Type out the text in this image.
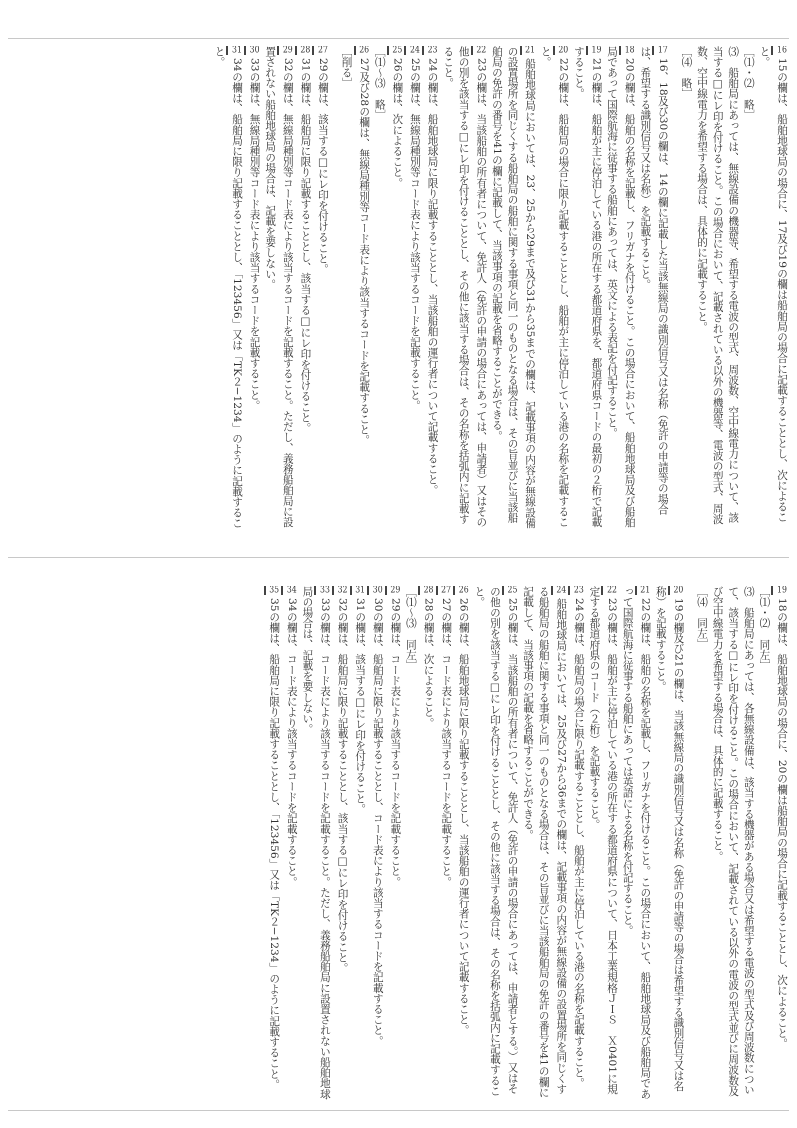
1615の欄は、船舶地球局の場合に、17及び19の欄は船舶局の場合に記載することとし、次によること。

［⑴・⑵　略］

⑶　船舶局にあっては、無線設備の機器等、希望する電波の型式、周波数、空中線電力について、該当する□にレ印を付けること。この場合において、記載されている以外の機器等、電波の型式、周波数、空中線電力を希望する場合は、具体的に記載すること。

［⑷　略］

1716、18及び30の欄は、14の欄に記載した当該無線局の識別信号又は名称（免許の申請等の場合は、希望する識別信号又は名称）を記載すること。

1820の欄は、船舶の名称を記載し、フリガナを付けること。この場合において、船舶地球局及び船舶局であって国際航海に従事する船舶にあっては、英文による表記を付記すること。

1921の欄は、船舶が主に停泊している港の所在する都道府県を、都道府県コードの最初の２桁で記載すること。

2022の欄は、船舶局の場合に限り記載することとし、船舶が主に停泊している港の名称を記載すること。

21船舶地球局においては、23、25から29まで及び31から35までの欄は、記載事項の内容が無線設備の設置場所を同じくする船舶局の船舶に関する事項と同一のものとなる場合は、その旨並びに当該船舶局の免許の番号を41の欄に記載して、当該事項の記載を省略することができる。

2223の欄は、当該船舶の所有者について、免許人（免許の申請の場合にあっては、申請者）又はその他の別を該当する□にレ印を付けることとし、その他に該当する場合は、その名称を括弧内に記載すること。

2324の欄は、船舶地球局に限り記載することとし、当該船舶の運行者について記載すること。

2425の欄は、無線局種別等コード表により該当するコードを記載すること。

2526の欄は、次によること。

［⑴〜⑶　略］

2627及び28の欄は、無線局種別等コード表により該当するコードを記載すること。

［削る］

2729の欄は、該当する□にレ印を付けること。

2831の欄は、船舶局に限り記載することとし、該当する□にレ印を付けること。

2932の欄は、無線局種別等コード表により該当するコードを記載すること。ただし、義務船舶局に設置されない船舶地球局の場合は、記載を要しない。

3033の欄は、無線局種別等コード表により該当するコードを記載すること。

3134の欄は、船舶局に限り記載することとし、「123456」又は「TK２−1234」のように記載すること。

1918の欄は、船舶地球局の場合に、20の欄は船舶局の場合に記載することとし、次によること。

［⑴・⑵　同左］

⑶　船舶局にあっては、各無線設備は、該当する機器がある場合又は希望する電波の型式及び周波数について、該当する□にレ印を付けること。この場合において、記載されている以外の電波の型式並びに周波数及び空中線電力を希望する場合は、具体的に記載すること。

［⑷　同左］

2019の欄及び21の欄は、当該無線局の識別信号又は名称（免許の申請等の場合は希望する識別信号又は名称）を記載すること。

2122の欄は、船舶の名称を記載し、フリガナを付けること。この場合において、船舶地球局及び船舶局であって国際航海に従事する船舶にあっては英語による名称を付記すること。

2223の欄は、船舶が主に停泊している港の所在する都道府県について、日本工業規格ＪＩＳ　Ｘ0401に規定する都道府県のコード（２桁）を記載すること。

2324の欄は、船舶局の場合に限り記載することとし、船舶が主に停泊している港の名称を記載すること。

24船舶地球局においては、25及び27から36までの欄は、記載事項の内容が無線設備の設置場所を同じくする船舶局の船舶に関する事項と同一のものとなる場合は、その旨並びに当該船舶局の免許の番号を41の欄に記載して、当該事項の記載を省略することができる。

2525の欄は、当該船舶の所有者について、免許人（免許の申請の場合にあっては、申請者とする。）又はその他の別を該当する□にレ印を付けることとし、その他に該当する場合は、その名称を括弧内に記載すること。

2626の欄は、船舶地球局に限り記載することとし、当該船舶の運行者について記載すること。

2727の欄は、コード表により該当するコードを記載すること。

2828の欄は、次によること。

［⑴〜⑶　同左］

2929の欄は、コード表により該当するコードを記載すること。

3030の欄は、船舶局に限り記載することとし、コード表により該当するコードを記載すること。

3131の欄は、該当する□にレ印を付けること。

3232の欄は、船舶局に限り記載することとし、該当する□にレ印を付けること。

3333の欄は、コード表により該当するコードを記載すること。ただし、義務船舶局に設置されない船舶地球局の場合は、記載を要しない。

3434の欄は、コード表により該当するコードを記載すること。

3535の欄は、船舶局に限り記載することとし、「123456」又は「TK２−1234」のように記載すること。
